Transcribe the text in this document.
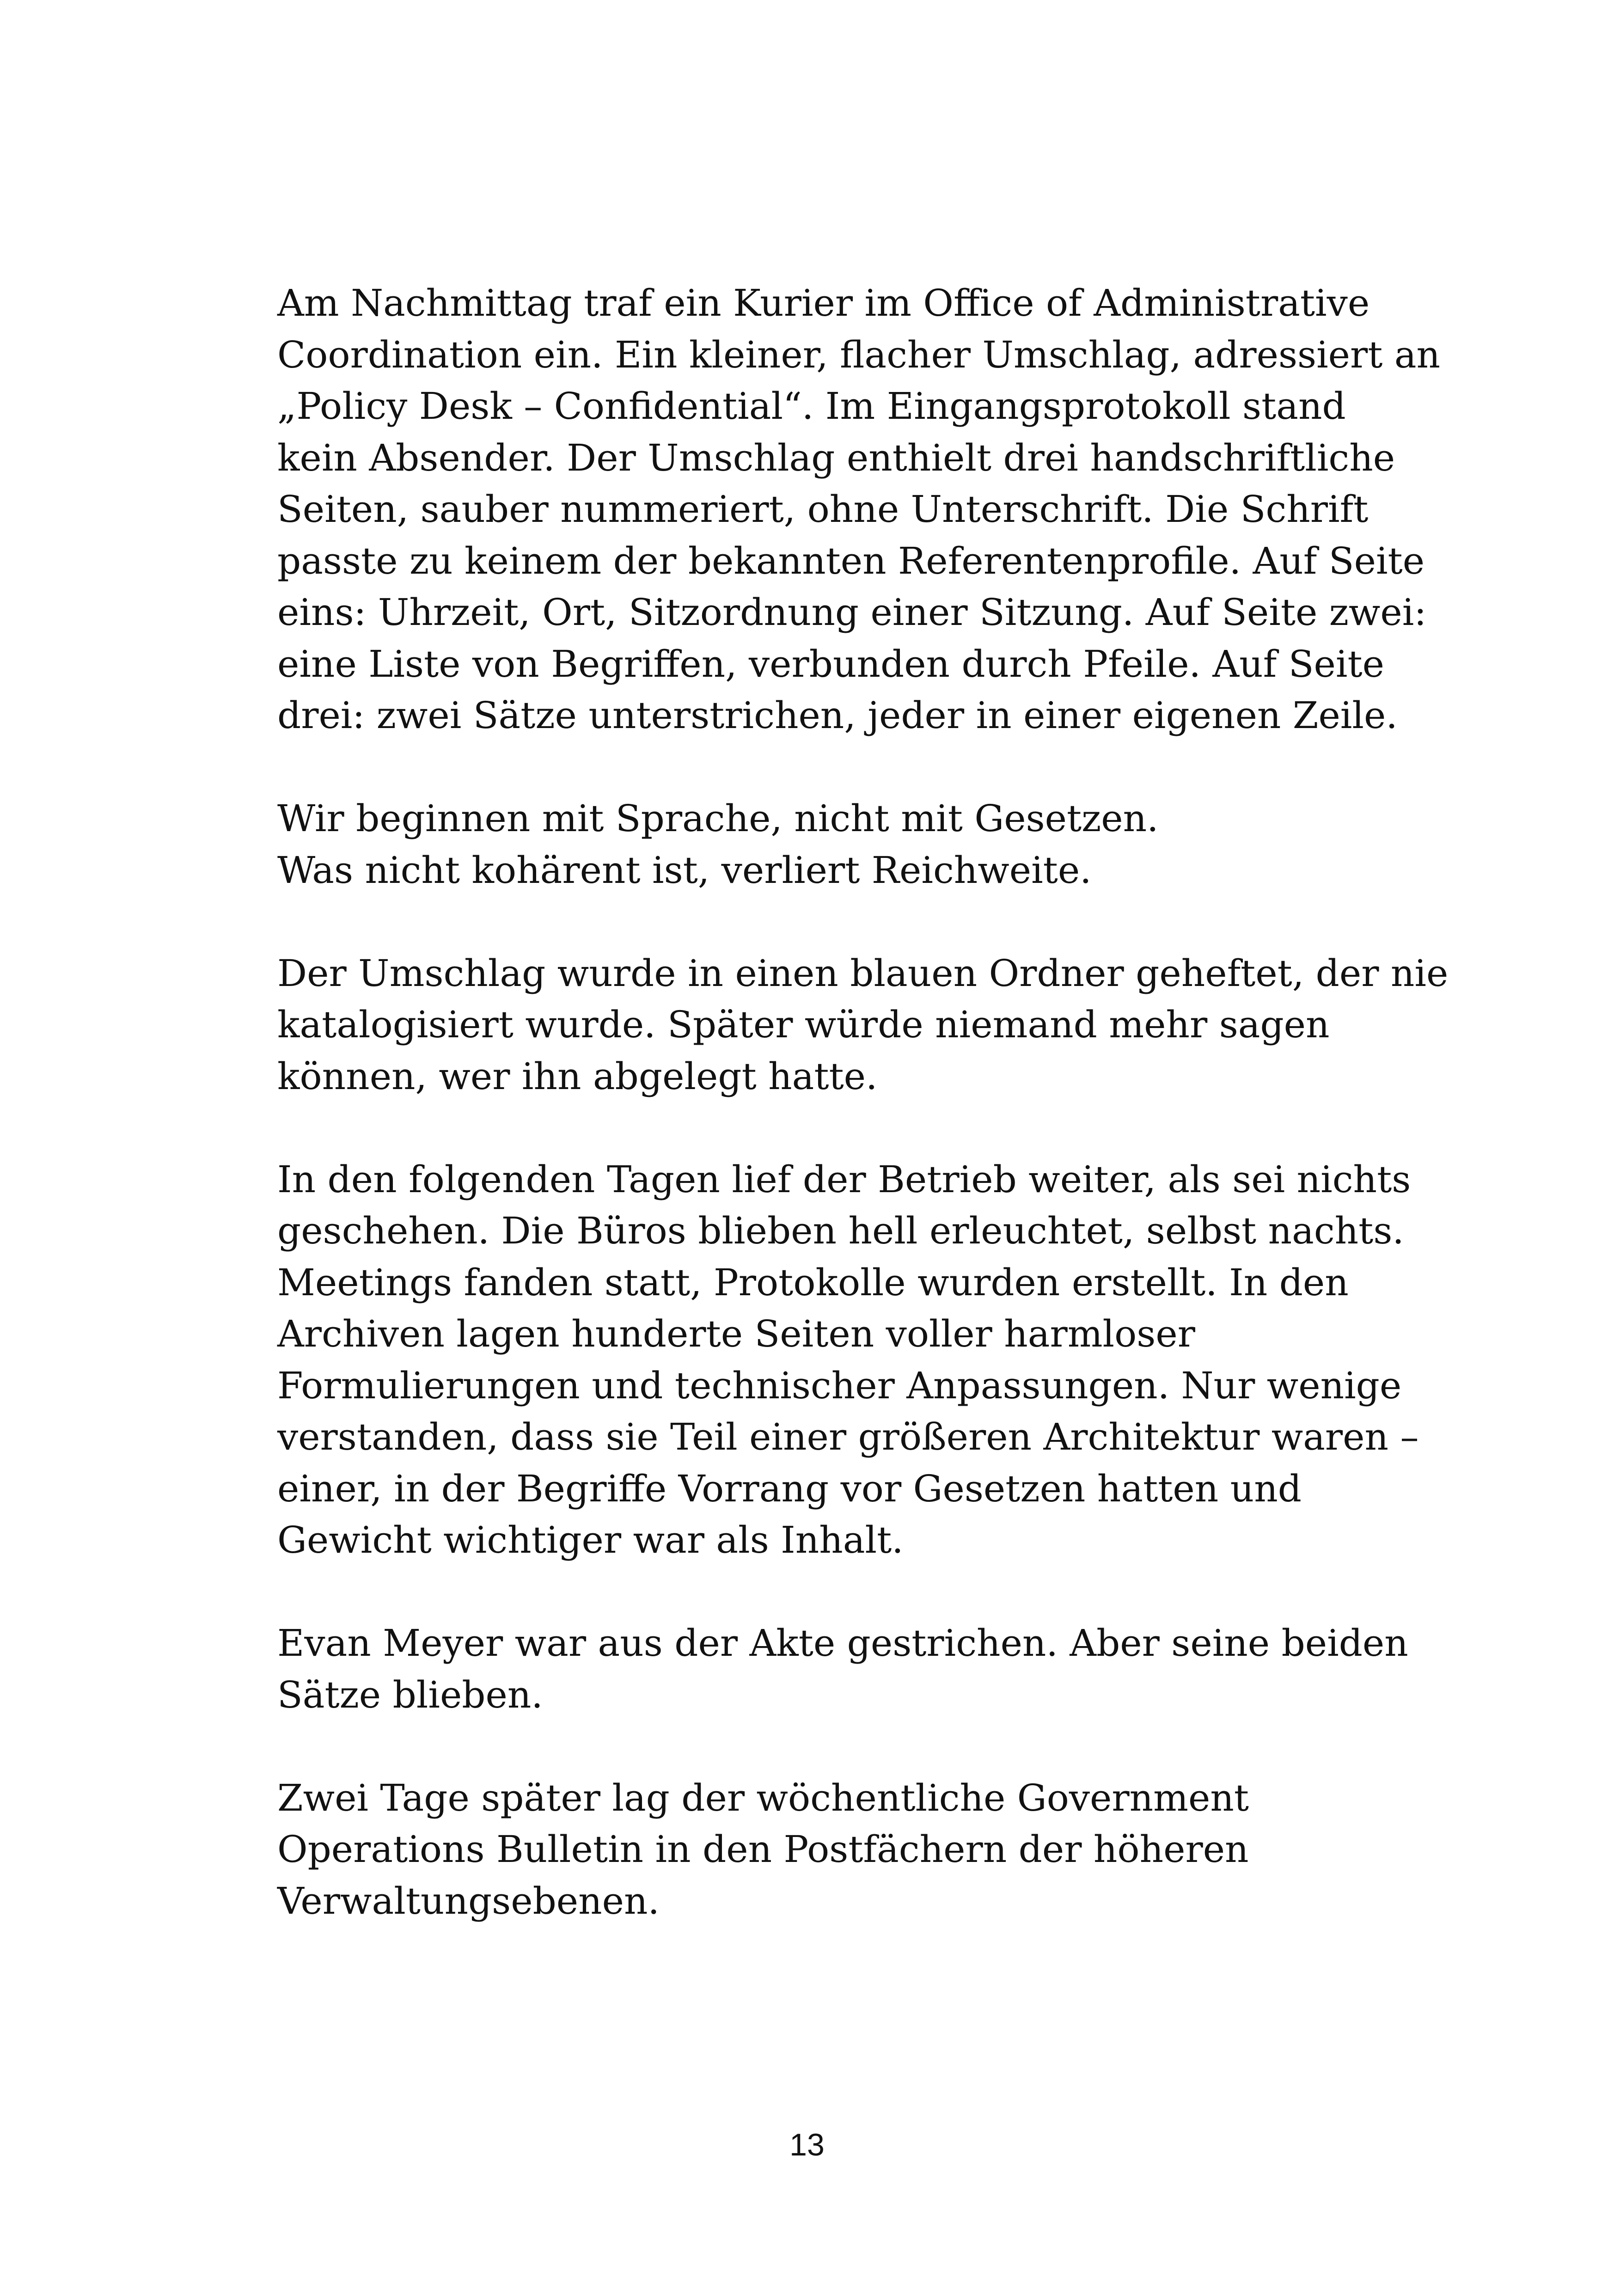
Am Nachmittag traf ein Kurier im Office of Administrative
Coordination ein. Ein kleiner, flacher Umschlag, adressiert an
„Policy Desk – Confidential“. Im Eingangsprotokoll stand
kein Absender. Der Umschlag enthielt drei handschriftliche
Seiten, sauber nummeriert, ohne Unterschrift. Die Schrift
passte zu keinem der bekannten Referentenprofile. Auf Seite
eins: Uhrzeit, Ort, Sitzordnung einer Sitzung. Auf Seite zwei:
eine Liste von Begriffen, verbunden durch Pfeile. Auf Seite
drei: zwei Sätze unterstrichen, jeder in einer eigenen Zeile.
Wir beginnen mit Sprache, nicht mit Gesetzen.
Was nicht kohärent ist, verliert Reichweite.
Der Umschlag wurde in einen blauen Ordner geheftet, der nie
katalogisiert wurde. Später würde niemand mehr sagen
können, wer ihn abgelegt hatte.
In den folgenden Tagen lief der Betrieb weiter, als sei nichts
geschehen. Die Büros blieben hell erleuchtet, selbst nachts.
Meetings fanden statt, Protokolle wurden erstellt. In den
Archiven lagen hunderte Seiten voller harmloser
Formulierungen und technischer Anpassungen. Nur wenige
verstanden, dass sie Teil einer größeren Architektur waren –
einer, in der Begriffe Vorrang vor Gesetzen hatten und
Gewicht wichtiger war als Inhalt.
Evan Meyer war aus der Akte gestrichen. Aber seine beiden
Sätze blieben.
Zwei Tage später lag der wöchentliche Government
Operations Bulletin in den Postfächern der höheren
Verwaltungsebenen.
13
